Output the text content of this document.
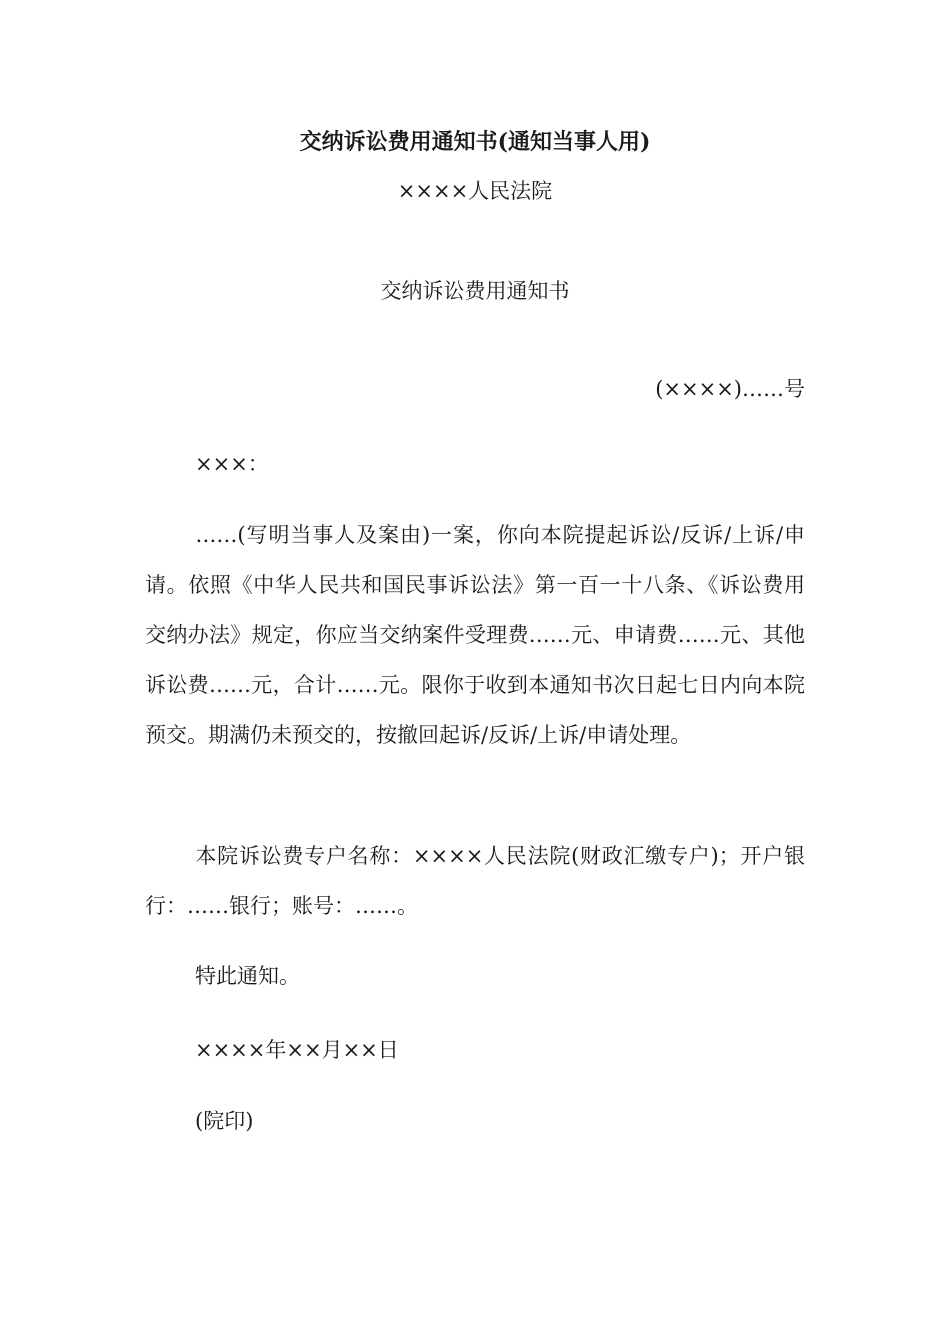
交纳诉讼费用通知书(通知当事人用)
××××人民法院
交纳诉讼费用通知书
(××××)……号
×××：
……(写明当事人及案由)一案，你向本院提起诉讼/反诉/上诉/申请。依照《中华人民共和国民事诉讼法》第一百一十八条、《诉讼费用交纳办法》规定，你应当交纳案件受理费……元、申请费……元、其他诉讼费……元，合计……元。限你于收到本通知书次日起七日内向本院预交。期满仍未预交的，按撤回起诉/反诉/上诉/申请处理。
本院诉讼费专户名称：××××人民法院(财政汇缴专户)；开户银行：……银行；账号：……。
特此通知。
××××年××月××日
(院印)
